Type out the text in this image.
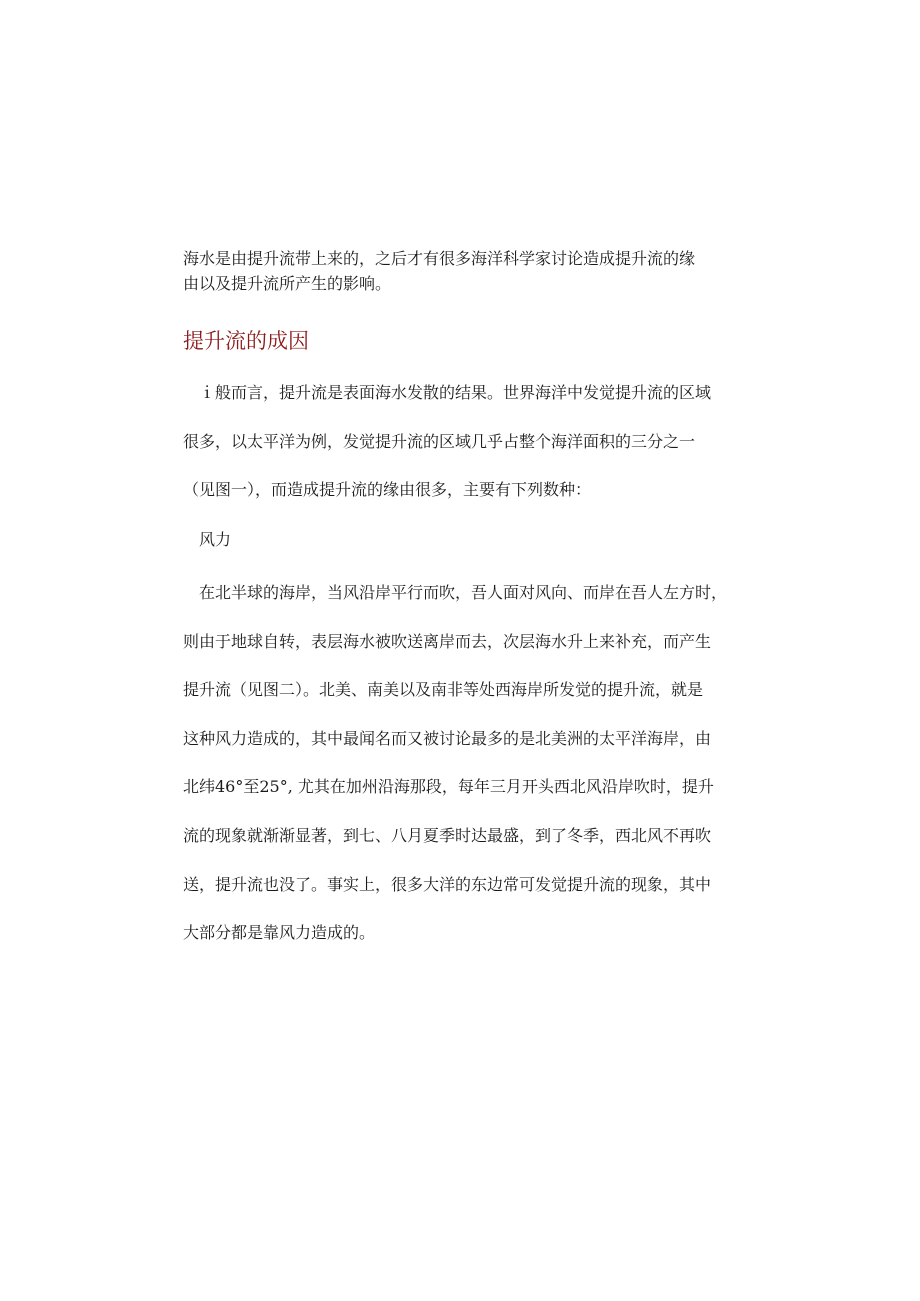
海水是由提升流带上来的，之后才有很多海洋科学家讨论造成提升流的缘
由以及提升流所产生的影响。

提升流的成因

ｉ般而言，提升流是表面海水发散的结果。世界海洋中发觉提升流的区域
很多，以太平洋为例，发觉提升流的区域几乎占整个海洋面积的三分之一
（见图一），而造成提升流的缘由很多，主要有下列数种：

风力

在北半球的海岸，当风沿岸平行而吹，吾人面对风向、而岸在吾人左方时，
则由于地球自转，表层海水被吹送离岸而去，次层海水升上来补充，而产生
提升流（见图二）。北美、南美以及南非等处西海岸所发觉的提升流，就是
这种风力造成的，其中最闻名而又被讨论最多的是北美洲的太平洋海岸，由
北纬46°至25°, 尤其在加州沿海那段，每年三月开头西北风沿岸吹时，提升
流的现象就渐渐显著，到七、八月夏季时达最盛，到了冬季，西北风不再吹
送，提升流也没了。事实上，很多大洋的东边常可发觉提升流的现象，其中
大部分都是靠风力造成的。
